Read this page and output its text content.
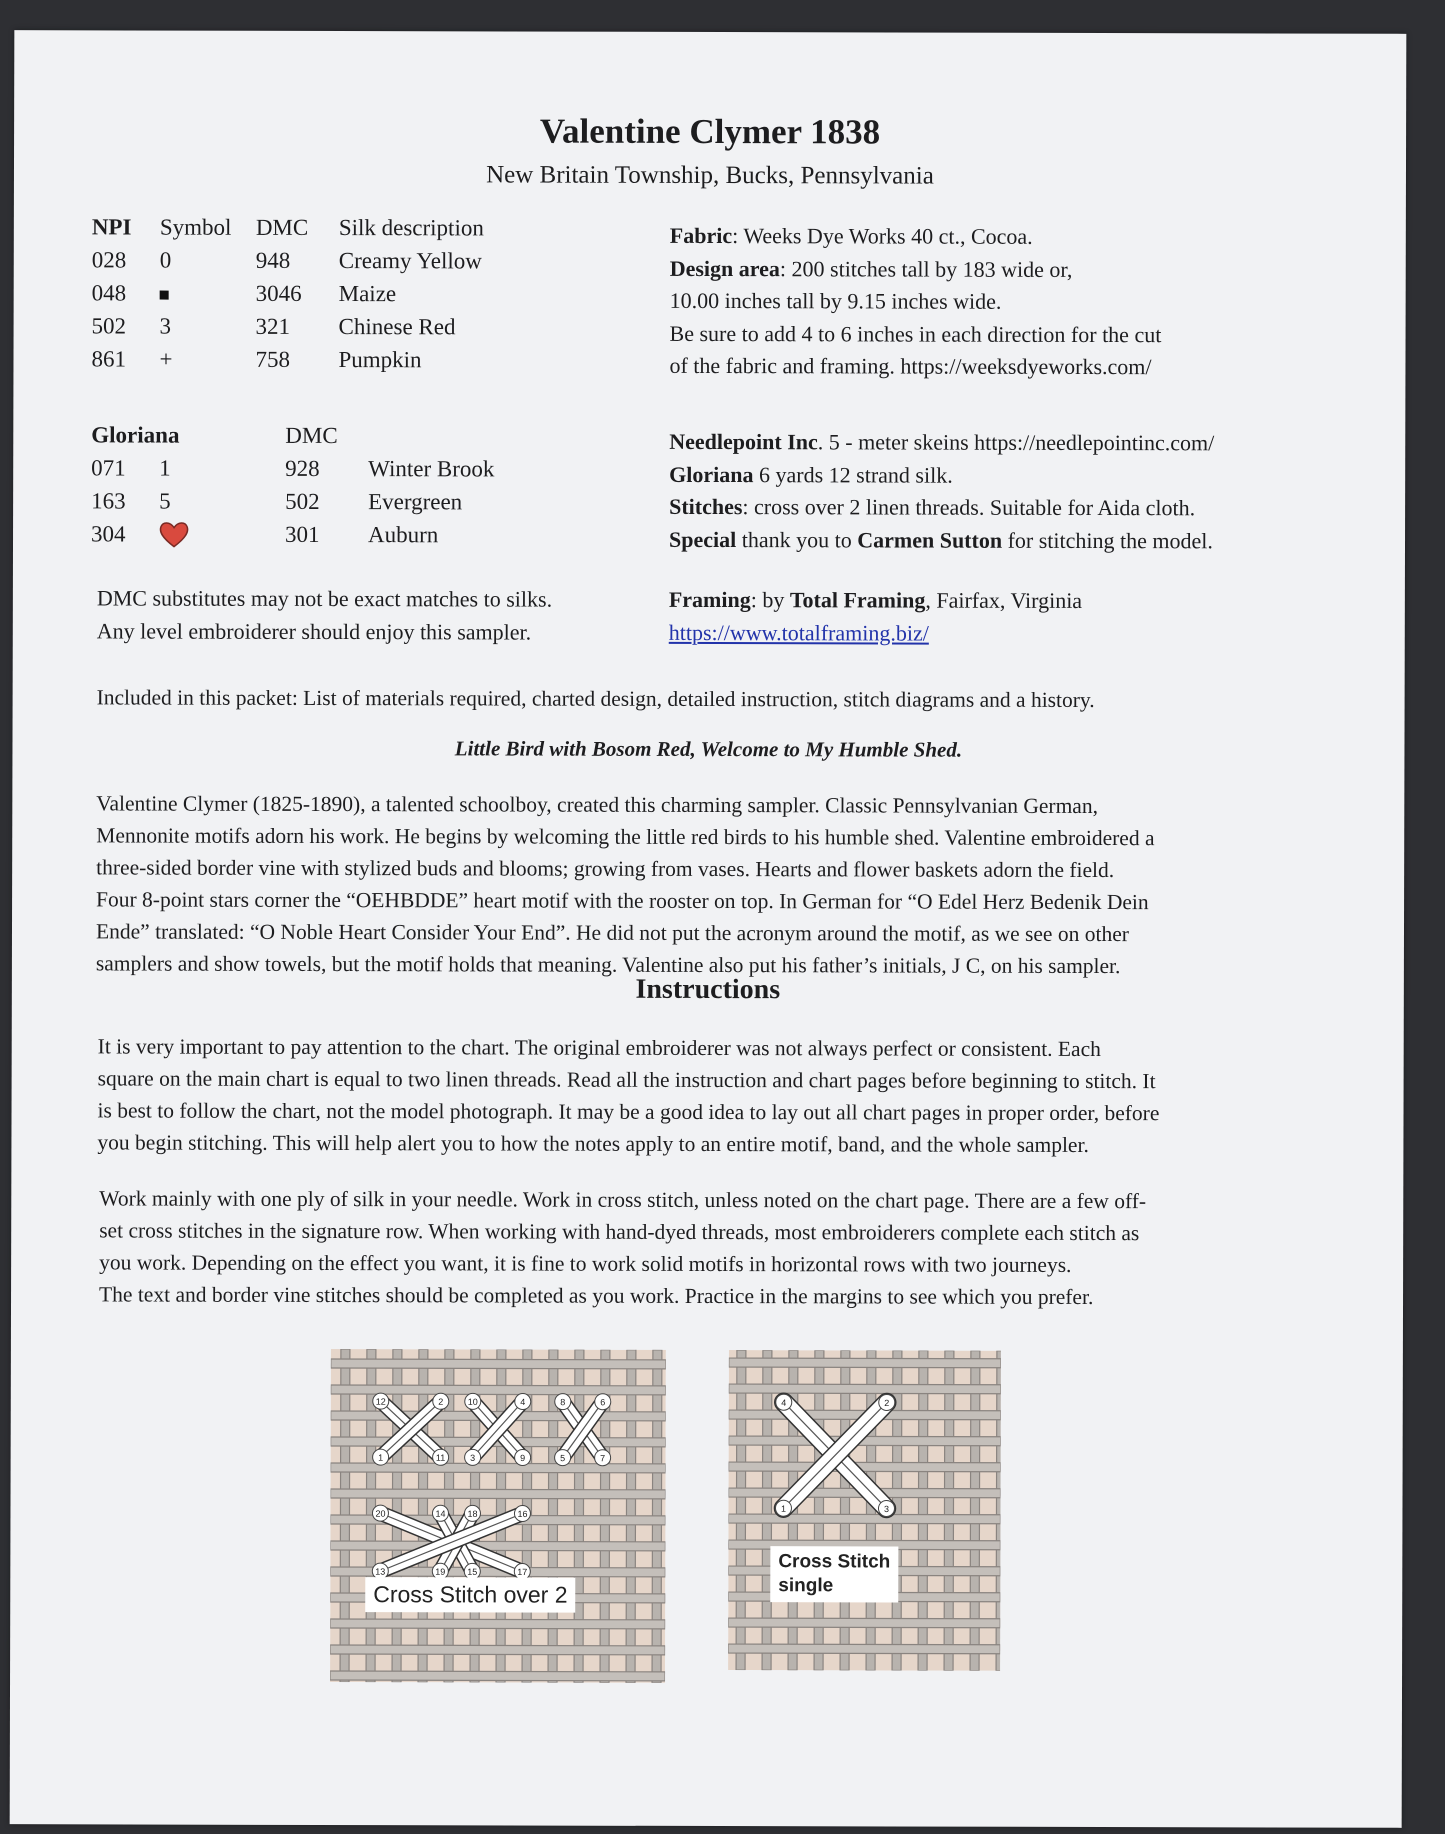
Valentine Clymer 1838
New Britain Township, Bucks, Pennsylvania
NPI	Symbol	DMC	Silk description
028	0	948	Creamy Yellow
048		3046	Maize
502	3	321	Chinese Red
861	+	758	Pumpkin
Gloriana		DMC	
071	1	928	Winter Brook
163	5	502	Evergreen
304		301	Auburn
Fabric: Weeks Dye Works 40 ct., Cocoa.
Design area: 200 stitches tall by 183 wide or,
10.00 inches tall by 9.15 inches wide.
Be sure to add 4 to 6 inches in each direction for the cut
of the fabric and framing. https://weeksdyeworks.com/
Needlepoint Inc. 5 - meter skeins https://needlepointinc.com/
Gloriana 6 yards 12 strand silk.
Stitches: cross over 2 linen threads. Suitable for Aida cloth.
Special thank you to Carmen Sutton for stitching the model.
DMC substitutes may not be exact matches to silks.
Any level embroiderer should enjoy this sampler.
Framing: by Total Framing, Fairfax, Virginia
https://www.totalframing.biz/
Included in this packet: List of materials required, charted design, detailed instruction, stitch diagrams and a history.
Little Bird with Bosom Red, Welcome to My Humble Shed.
Valentine Clymer (1825-1890), a talented schoolboy, created this charming sampler. Classic Pennsylvanian German,
Mennonite motifs adorn his work. He begins by welcoming the little red birds to his humble shed. Valentine embroidered a
three-sided border vine with stylized buds and blooms; growing from vases. Hearts and flower baskets adorn the field.
Four 8-point stars corner the “OEHBDDE” heart motif with the rooster on top. In German for “O Edel Herz Bedenik Dein
Ende” translated: “O Noble Heart Consider Your End”. He did not put the acronym around the motif, as we see on other
samplers and show towels, but the motif holds that meaning. Valentine also put his father’s initials, J C, on his sampler.
Instructions
It is very important to pay attention to the chart. The original embroiderer was not always perfect or consistent. Each
square on the main chart is equal to two linen threads. Read all the instruction and chart pages before beginning to stitch. It
is best to follow the chart, not the model photograph. It may be a good idea to lay out all chart pages in proper order, before
you begin stitching. This will help alert you to how the notes apply to an entire motif, band, and the whole sampler.
Work mainly with one ply of silk in your needle. Work in cross stitch, unless noted on the chart page. There are a few off-
set cross stitches in the signature row. When working with hand-dyed threads, most embroiderers complete each stitch as
you work. Depending on the effect you want, it is fine to work solid motifs in horizontal rows with two journeys.
The text and border vine stitches should be completed as you work. Practice in the margins to see which you prefer.
12	2	10	4	8	6
1	11	3	9	5	7
20	14 18	16
13	19 15	17
Cross Stitch over 2
4	2
1	3
Cross Stitch
single
